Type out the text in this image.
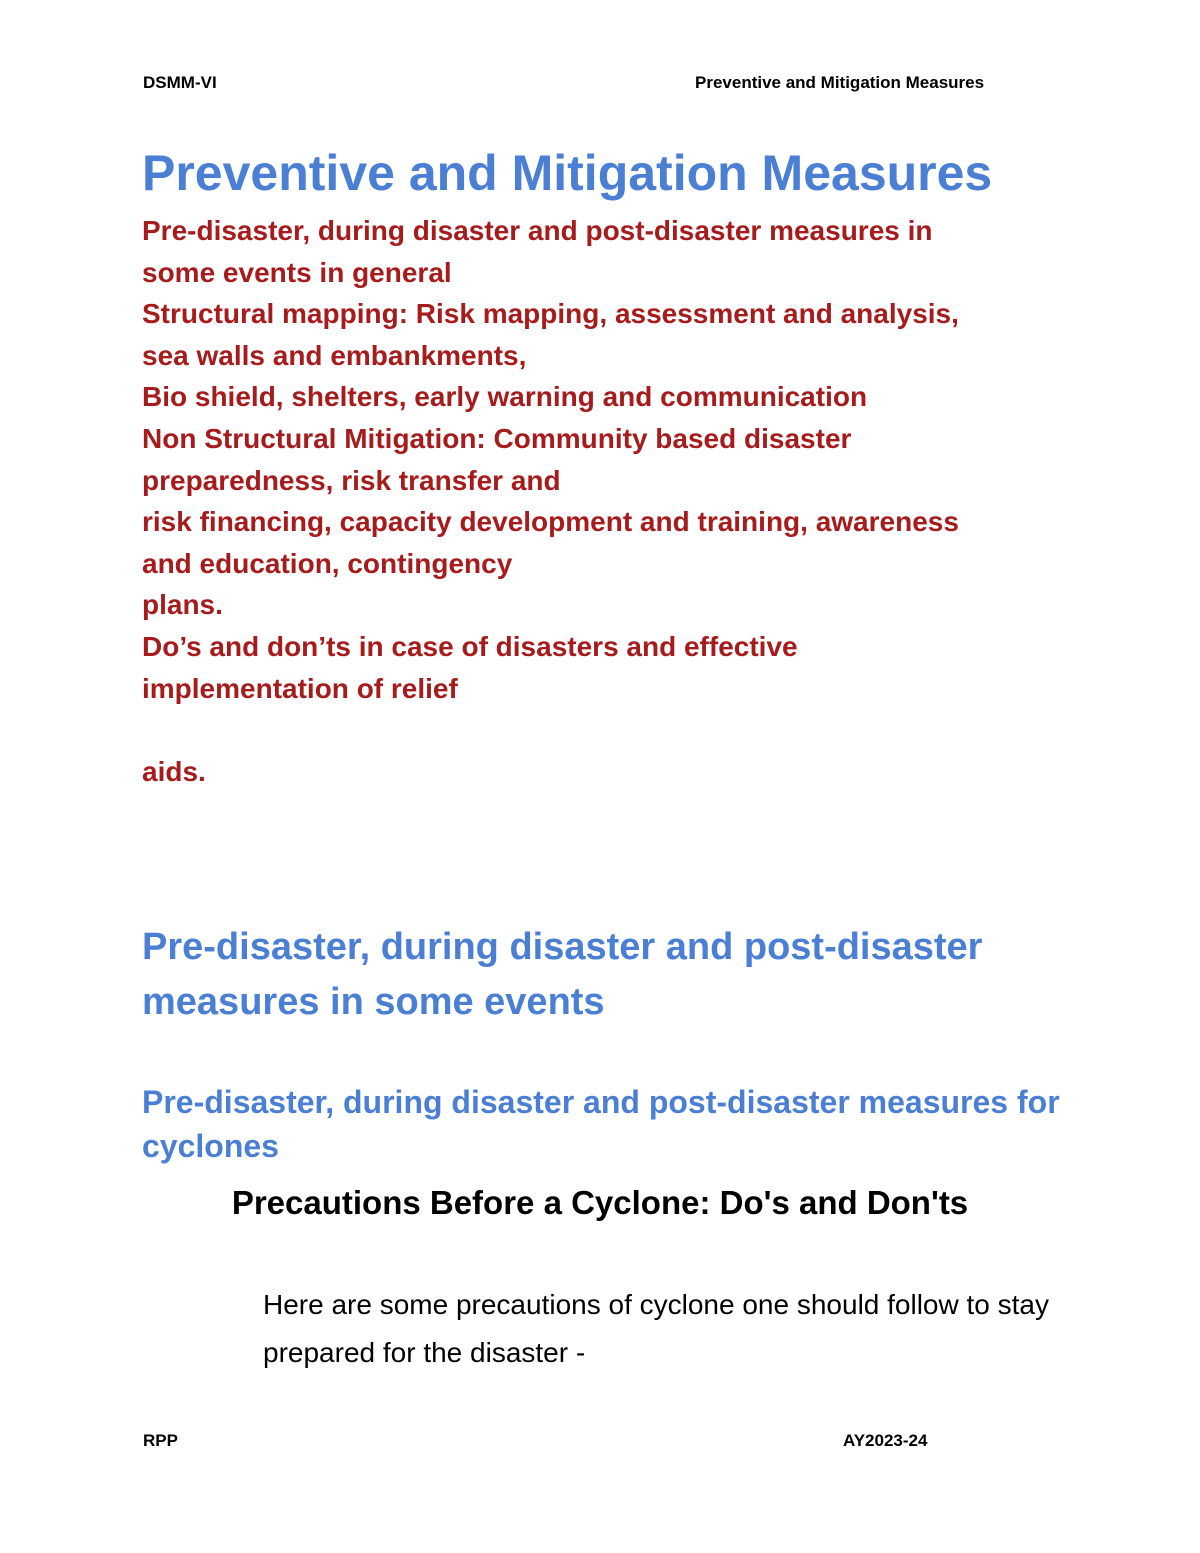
DSMM-VI	Preventive and Mitigation Measures
Preventive and Mitigation Measures
Pre-disaster, during disaster and post-disaster measures in
some events in general
Structural mapping: Risk mapping, assessment and analysis,
sea walls and embankments,
Bio shield, shelters, early warning and communication
Non Structural Mitigation: Community based disaster
preparedness, risk transfer and
risk financing, capacity development and training, awareness
and education, contingency
plans.
Do’s and don’ts in case of disasters and effective
implementation of relief
aids.
Pre-disaster, during disaster and post-disaster measures in some events
Pre-disaster, during disaster and post-disaster measures for cyclones
Precautions Before a Cyclone: Do's and Don'ts

Here are some precautions of cyclone one should follow to stay prepared for the disaster -

RPP	AY2023-24
